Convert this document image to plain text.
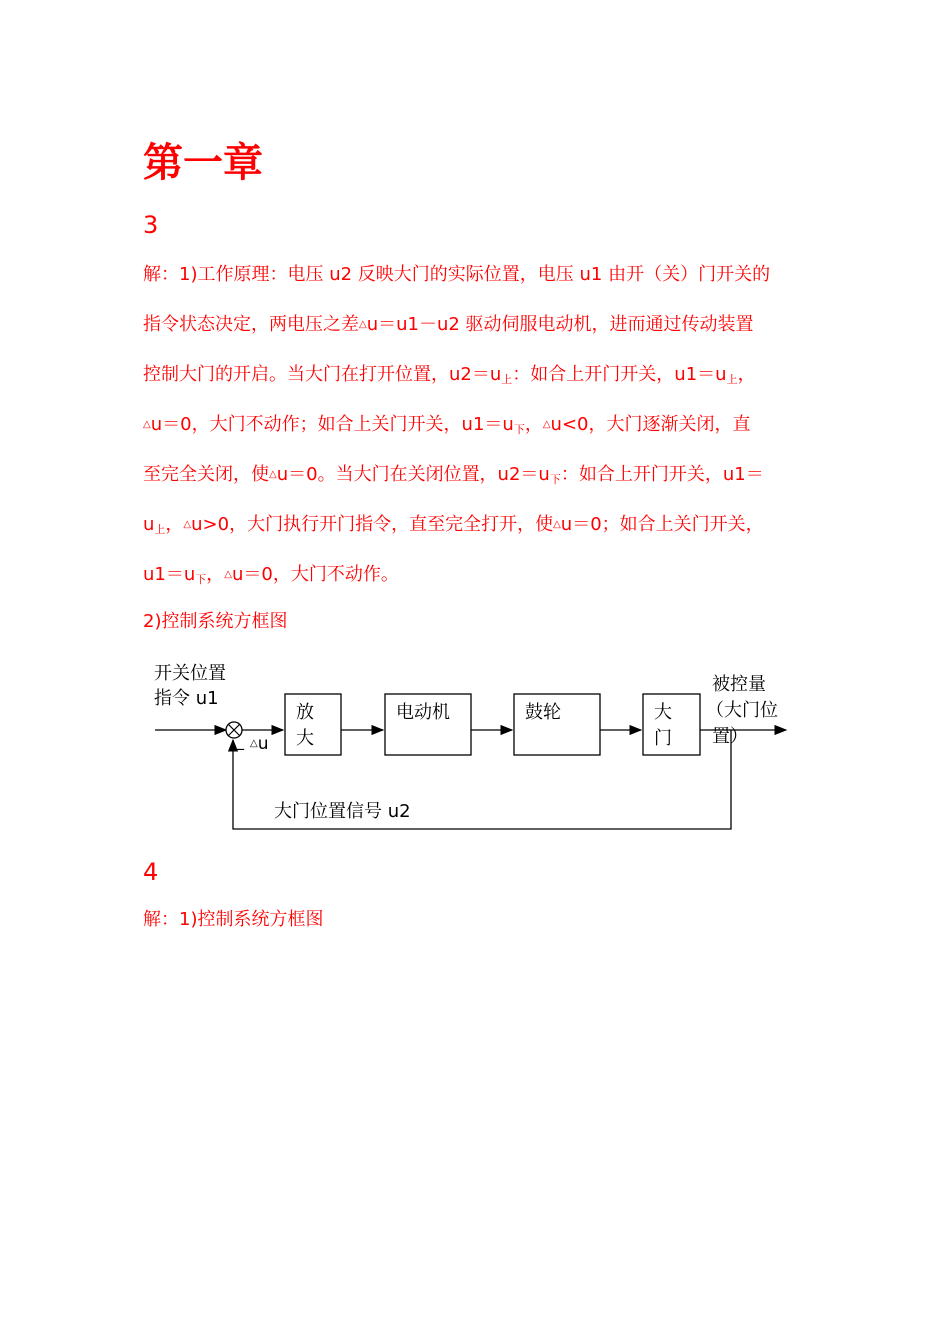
第一章
3
解：1)工作原理：电压 u2 反映大门的实际位置，电压 u1 由开（关）门开关的
指令状态决定，两电压之差△u＝u1－u2 驱动伺服电动机，进而通过传动装置
控制大门的开启。当大门在打开位置，$u2=u_上$：如合上开门开关，$u1=u_上$，
△u＝0，大门不动作；如合上关门开关，$u1=u_下$，△u<0，大门逐渐关闭，直
至完全关闭，使△u＝0。当大门在关闭位置，$u2=u_下$：如合上开门开关，u1＝
$u_上$，△u>0，大门执行开门指令，直至完全打开，使△u＝0；如合上关门开关，
$u1=u_下$，△u＝0，大门不动作。
2)控制系统方框图
开关位置
指令 u1
△u
_
放
大
电动机	鼓轮	大
门
被控量
（大门位
置）
大门位置信号 u2
4
解：1)控制系统方框图
